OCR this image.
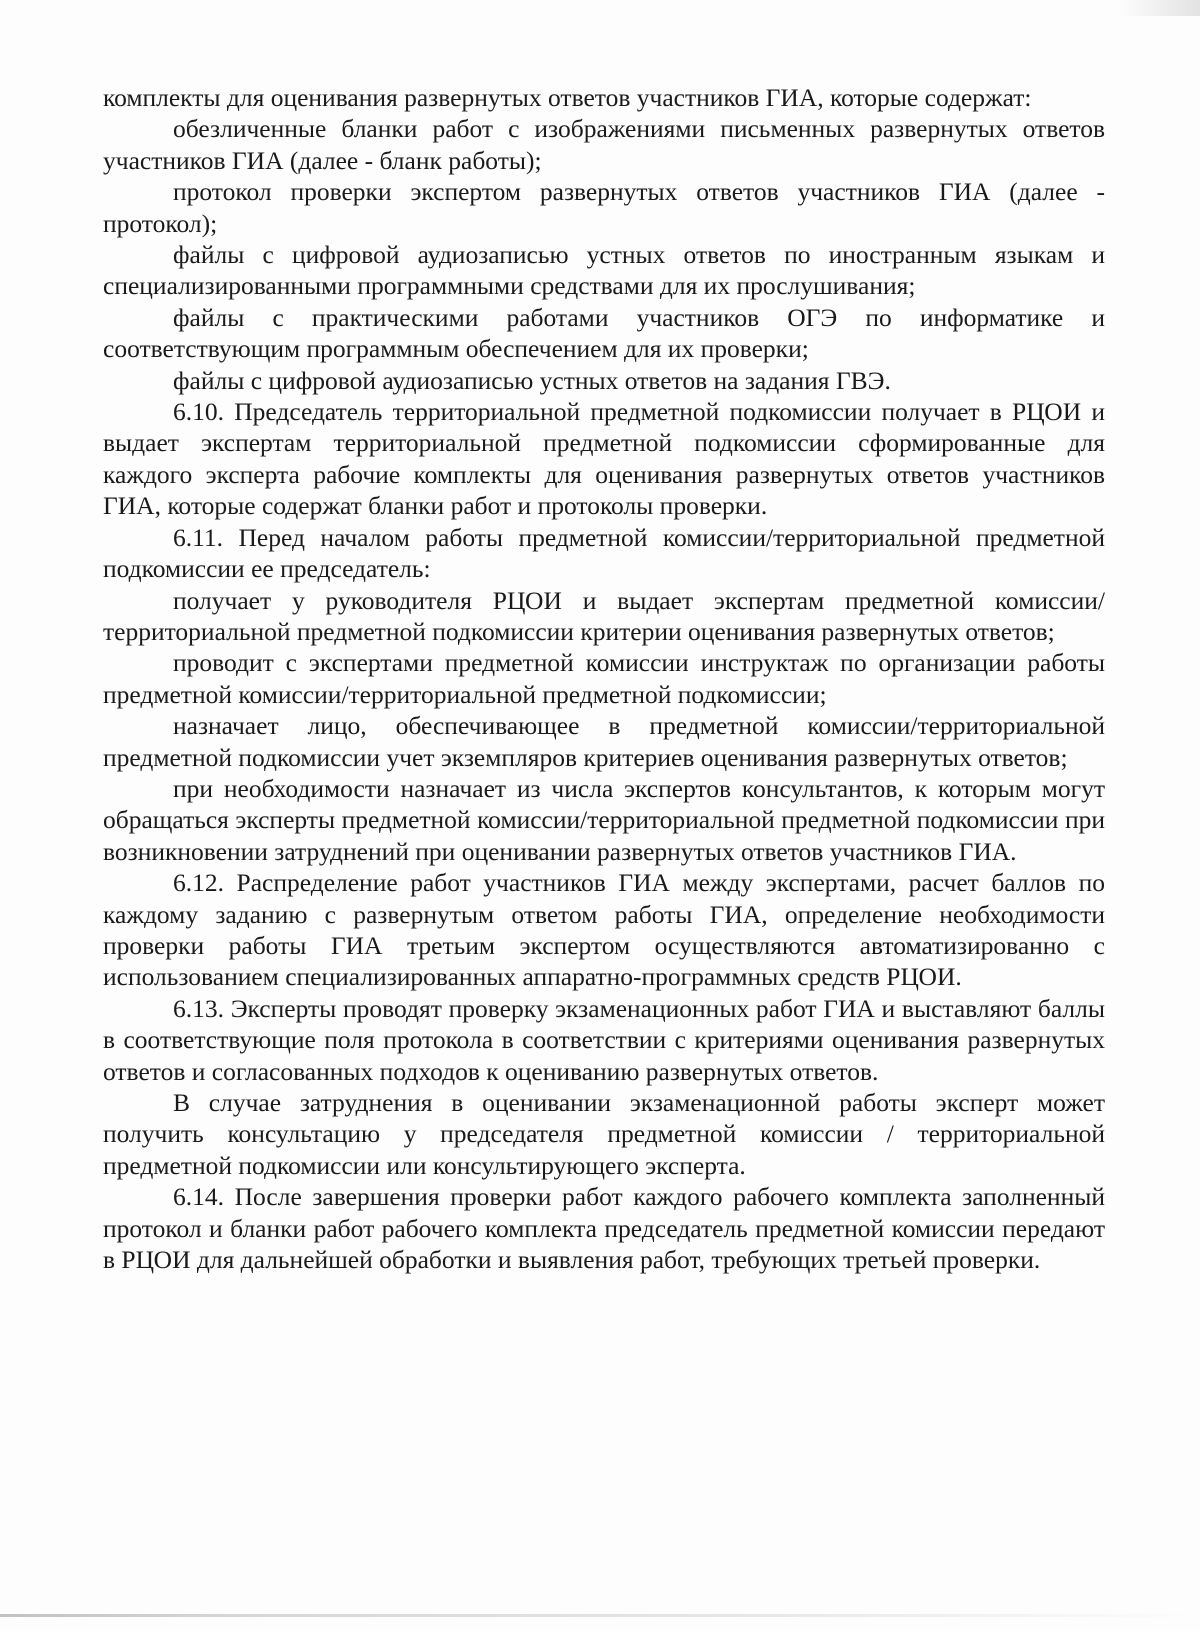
комплекты для оценивания развернутых ответов участников ГИА, которые содержат:

обезличенные бланки работ с изображениями письменных развернутых ответов участников ГИА (далее - бланк работы);

протокол проверки экспертом развернутых ответов участников ГИА (далее - протокол);

файлы с цифровой аудиозаписью устных ответов по иностранным языкам и специализированными программными средствами для их прослушивания;

файлы с практическими работами участников ОГЭ по информатике и соответствующим программным обеспечением для их проверки;

файлы с цифровой аудиозаписью устных ответов на задания ГВЭ.

6.10. Председатель территориальной предметной подкомиссии получает в РЦОИ и выдает экспертам территориальной предметной подкомиссии сформированные для каждого эксперта рабочие комплекты для оценивания развернутых ответов участников ГИА, которые содержат бланки работ и протоколы проверки.

6.11. Перед началом работы предметной комиссии/территориальной предметной подкомиссии ее председатель:

получает у руководителя РЦОИ и выдает экспертам предметной комиссии/территориальной предметной подкомиссии критерии оценивания развернутых ответов;

проводит с экспертами предметной комиссии инструктаж по организации работы предметной комиссии/территориальной предметной подкомиссии;

назначает лицо, обеспечивающее в предметной комиссии/территориальной предметной подкомиссии учет экземпляров критериев оценивания развернутых ответов;

при необходимости назначает из числа экспертов консультантов, к которым могут обращаться эксперты предметной комиссии/территориальной предметной подкомиссии при возникновении затруднений при оценивании развернутых ответов участников ГИА.

6.12. Распределение работ участников ГИА между экспертами, расчет баллов по каждому заданию с развернутым ответом работы ГИА, определение необходимости проверки работы ГИА третьим экспертом осуществляются автоматизированно с использованием специализированных аппаратно-программных средств РЦОИ.

6.13. Эксперты проводят проверку экзаменационных работ ГИА и выставляют баллы в соответствующие поля протокола в соответствии с критериями оценивания развернутых ответов и согласованных подходов к оцениванию развернутых ответов.

В случае затруднения в оценивании экзаменационной работы эксперт может получить консультацию у председателя предметной комиссии / территориальной предметной подкомиссии или консультирующего эксперта.

6.14. После завершения проверки работ каждого рабочего комплекта заполненный протокол и бланки работ рабочего комплекта председатель предметной комиссии передают в РЦОИ для дальнейшей обработки и выявления работ, требующих третьей проверки.
